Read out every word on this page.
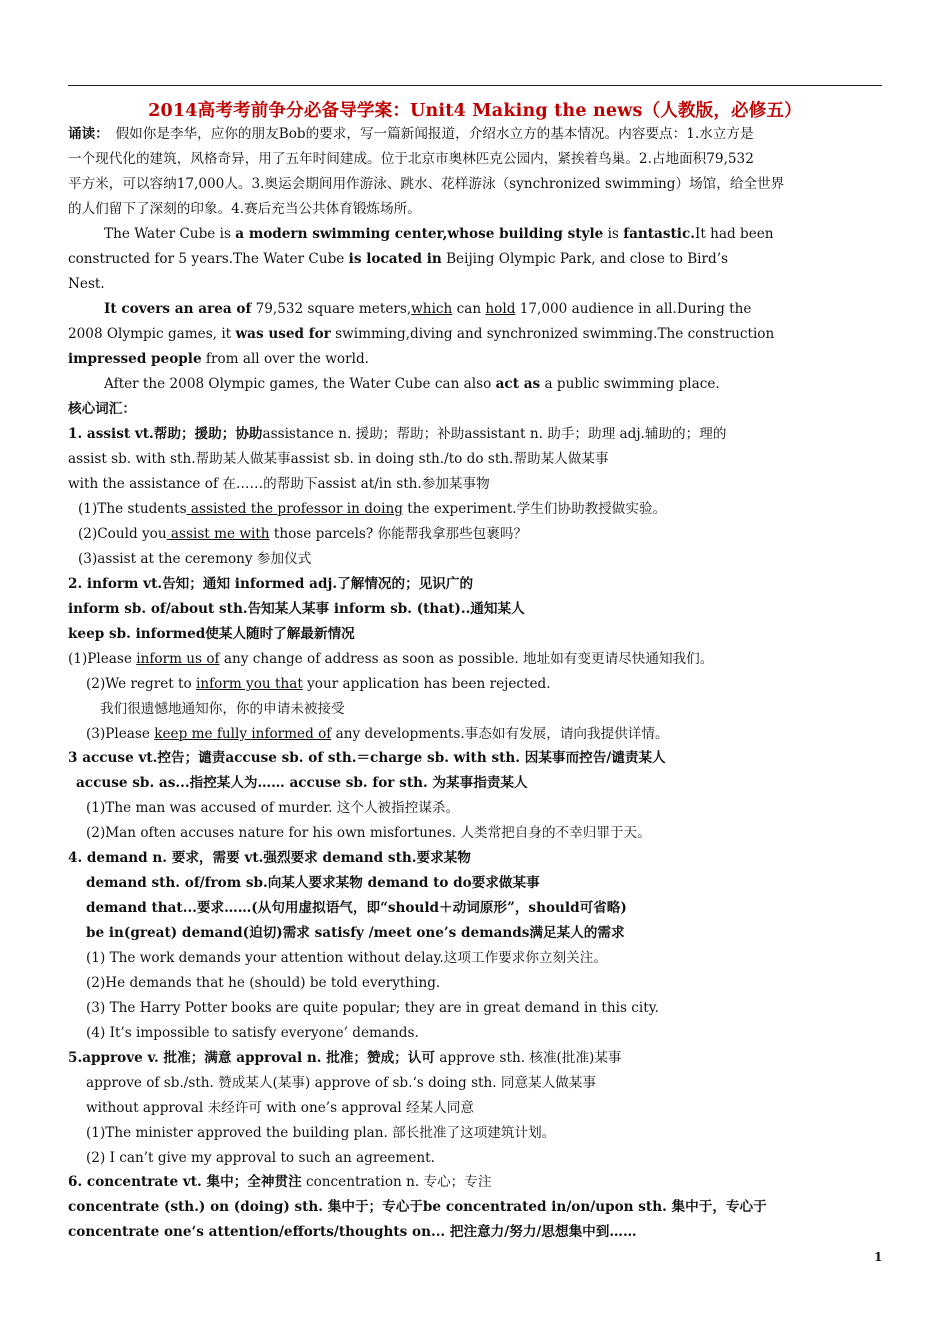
2014高考考前争分必备导学案：Unit4 Making the news（人教版，必修五）
诵读：　假如你是李华，应你的朋友Bob的要求，写一篇新闻报道，介绍水立方的基本情况。内容要点：1.水立方是
一个现代化的建筑，风格奇异，用了五年时间建成。位于北京市奥林匹克公园内，紧挨着鸟巢。2.占地面积79,532
平方米，可以容纳17,000人。3.奥运会期间用作游泳、跳水、花样游泳（synchronized swimming）场馆，给全世界
的人们留下了深刻的印象。4.赛后充当公共体育锻炼场所。
The Water Cube is a modern swimming center,whose building style is fantastic.It had been
constructed for 5 years.The Water Cube is located in Beijing Olympic Park, and close to Bird’s
Nest.
It covers an area of 79,532 square meters,which can hold 17,000 audience in all.During the
2008 Olympic games, it was used for swimming,diving and synchronized swimming.The construction
impressed people from all over the world.
After the 2008 Olympic games, the Water Cube can also act as a public swimming place.
核心词汇：
1. assist vt.帮助；援助；协助assistance n. 援助；帮助；补助assistant n. 助手；助理 adj.辅助的；理的
assist sb. with sth.帮助某人做某事assist sb. in doing sth./to do sth.帮助某人做某事
with the assistance of 在……的帮助下assist at/in sth.参加某事物
(1)The students assisted the professor in doing the experiment.学生们协助教授做实验。
(2)Could you assist me with those parcels? 你能帮我拿那些包裹吗？
(3)assist at the ceremony 参加仪式
2. inform vt.告知；通知 informed adj.了解情况的；见识广的
inform sb. of/about sth.告知某人某事 inform sb. (that)..通知某人
keep sb. informed使某人随时了解最新情况
(1)Please inform us of any change of address as soon as possible. 地址如有变更请尽快通知我们。
(2)We regret to inform you that your application has been rejected.
我们很遗憾地通知你，你的申请未被接受
(3)Please keep me fully informed of any developments.事态如有发展，请向我提供详情。
3 accuse vt.控告；谴责accuse sb. of sth.＝charge sb. with sth. 因某事而控告/谴责某人
accuse sb. as...指控某人为…… accuse sb. for sth. 为某事指责某人
(1)The man was accused of murder. 这个人被指控谋杀。
(2)Man often accuses nature for his own misfortunes. 人类常把自身的不幸归罪于天。
4. demand n. 要求，需要 vt.强烈要求 demand sth.要求某物
demand sth. of/from sb.向某人要求某物 demand to do要求做某事
demand that...要求……(从句用虚拟语气，即“should＋动词原形”，should可省略)
be in(great) demand(迫切)需求 satisfy /meet one’s demands满足某人的需求
(1) The work demands your attention without delay.这项工作要求你立刻关注。
(2)He demands that he (should) be told everything.
(3) The Harry Potter books are quite popular; they are in great demand in this city.
(4) It’s impossible to satisfy everyone’ demands.
5.approve v. 批准；满意 approval n. 批准；赞成；认可 approve sth. 核准(批准)某事
approve of sb./sth. 赞成某人(某事) approve of sb.‘s doing sth. 同意某人做某事
without approval 未经许可 with one’s approval 经某人同意
(1)The minister approved the building plan. 部长批准了这项建筑计划。
(2) I can’t give my approval to such an agreement.
6. concentrate vt. 集中；全神贯注 concentration n. 专心；专注
concentrate (sth.) on (doing) sth. 集中于；专心于be concentrated in/on/upon sth. 集中于，专心于
concentrate one‘s attention/efforts/thoughts on... 把注意力/努力/思想集中到……
1
